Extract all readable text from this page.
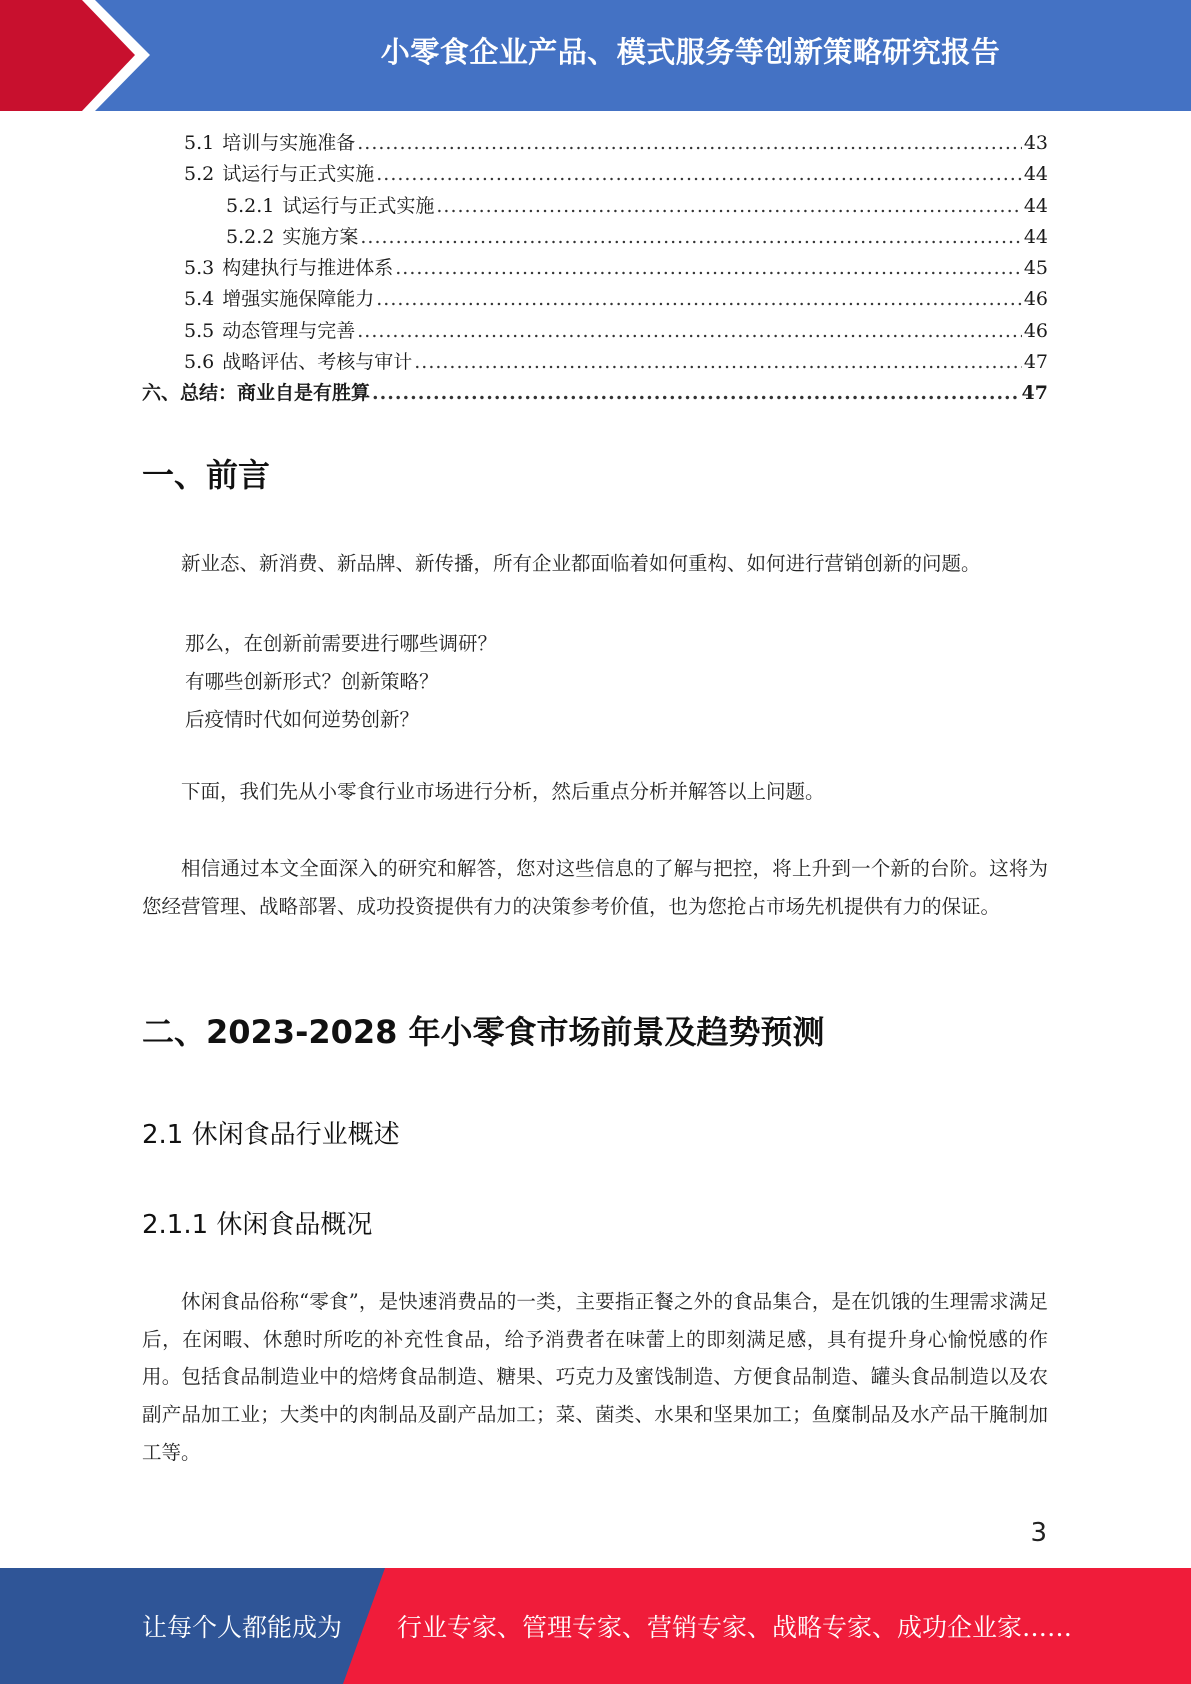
小零食企业产品、模式服务等创新策略研究报告
5.1 培训与实施准备 .....	43
5.2 试运行与正式实施 .....	44
5.2.1 试运行与正式实施 .....	44
5.2.2 实施方案 .....	44
5.3 构建执行与推进体系 .....	45
5.4 增强实施保障能力 .....	46
5.5 动态管理与完善 .....	46
5.6 战略评估、考核与审计 .....	47
六、 总结：商业自是有胜算 .....	47
一、前言
新业态、新消费、新品牌、新传播，所有企业都面临着如何重构、如何进行营销创新的问题。
那么，在创新前需要进行哪些调研？
有哪些创新形式？创新策略？
后疫情时代如何逆势创新？
下面，我们先从小零食行业市场进行分析，然后重点分析并解答以上问题。
相信通过本文全面深入的研究和解答，您对这些信息的了解与把控，将上升到一个新的台阶。这将为您经营管理、战略部署、成功投资提供有力的决策参考价值，也为您抢占市场先机提供有力的保证。
二、2023-2028 年小零食市场前景及趋势预测
2.1 休闲食品行业概述
2.1.1 休闲食品概况
休闲食品俗称“零食”，是快速消费品的一类，主要指正餐之外的食品集合，是在饥饿的生理需求满足后，在闲暇、休憩时所吃的补充性食品，给予消费者在味蕾上的即刻满足感，具有提升身心愉悦感的作用。包括食品制造业中的焙烤食品制造、糖果、巧克力及蜜饯制造、方便食品制造、罐头食品制造以及农副产品加工业；大类中的肉制品及副产品加工；菜、菌类、水果和坚果加工；鱼糜制品及水产品干腌制加工等。
3
让每个人都能成为 行业专家、管理专家、营销专家、战略专家、成功企业家……
